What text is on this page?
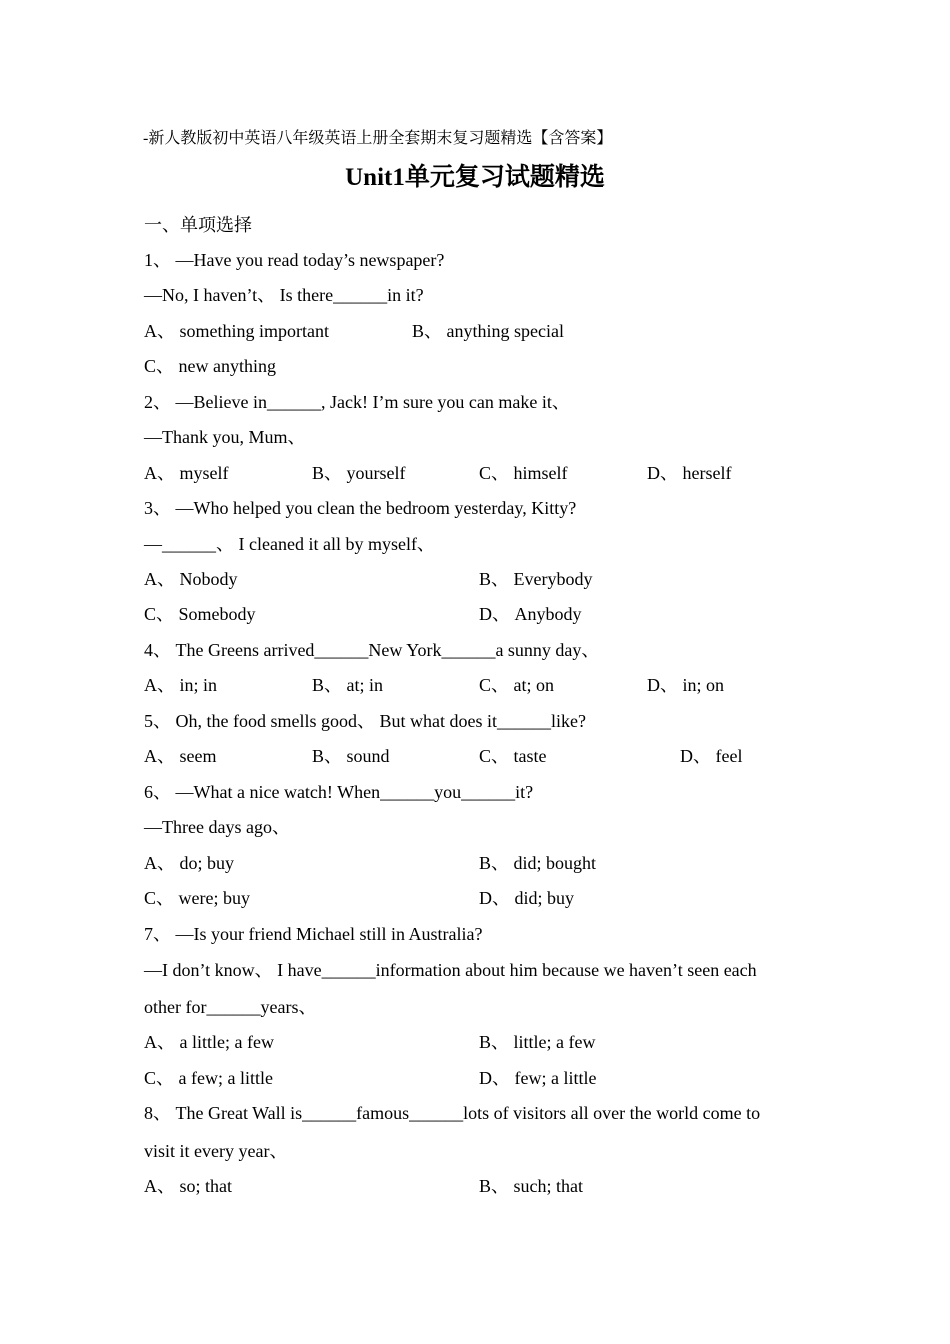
-新人教版初中英语八年级英语上册全套期末复习题精选【含答案】
Unit1单元复习试题精选
一、单项选择
1、 —Have you read today’s newspaper?
—No, I haven’t、 Is there______in it?
A、 something important	B、 anything special
C、 new anything
2、 —Believe in______, Jack! I’m sure you can make it、
—Thank you, Mum、
A、 myself	B、 yourself	C、 himself	D、 herself
3、 —Who helped you clean the bedroom yesterday, Kitty?
—______、 I cleaned it all by myself、
A、 Nobody	B、 Everybody
C、 Somebody	D、 Anybody
4、 The Greens arrived______New York______a sunny day、
A、 in; in	B、 at; in	C、 at; on	D、 in; on
5、 Oh, the food smells good、 But what does it______like?
A、 seem	B、 sound	C、 taste	D、 feel
6、 —What a nice watch! When______you______it?
—Three days ago、
A、 do; buy	B、 did; bought
C、 were; buy	D、 did; buy
7、 —Is your friend Michael still in Australia?
—I don’t know、 I have______information about him because we haven’t seen each
other for______years、
A、 a little; a few	B、 little; a few
C、 a few; a little	D、 few; a little
8、 The Great Wall is______famous______lots of visitors all over the world come to
visit it every year、
A、 so; that	B、 such; that
